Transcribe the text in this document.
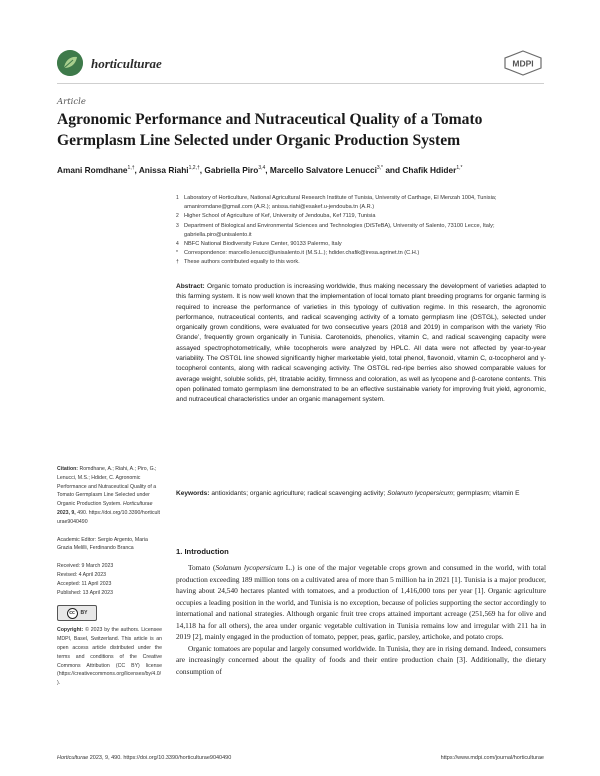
horticulturae	MDPI
Article
Agronomic Performance and Nutraceutical Quality of a Tomato Germplasm Line Selected under Organic Production System
Amani Romdhane$^{1,\dagger}$, Anissa Riahi$^{1,2,\dagger}$, Gabriella Piro$^{3,4}$, Marcello Salvatore Lenucci$^{3,*}$ and Chafik Hdider$^{1,*}$
1 Laboratory of Horticulture, National Agricultural Research Institute of Tunisia, University of Carthage, El Menzah 1004, Tunisia; amaniromdane@gmail.com (A.R.); anissa.riahi@esakef.u-jendouba.tn (A.R.)
2 Higher School of Agriculture of Kef, University of Jendouba, Kef 7119, Tunisia
3 Department of Biological and Environmental Sciences and Technologies (DiSTeBA), University of Salento, 73100 Lecce, Italy; gabriella.piro@unisalento.it
4 NBFC National Biodiversity Future Center, 90133 Palermo, Italy
*	Correspondence: marcello.lenucci@unisalento.it (M.S.L.); hdider.chafik@iresa.agrinet.tn (C.H.)
† These authors contributed equally to this work.
Abstract: Organic tomato production is increasing worldwide, thus making necessary the development of varieties adapted to this farming system. It is now well known that the implementation of local tomato plant breeding programs for organic farming is required to increase the performance of varieties in this typology of cultivation regime. In this research, the agronomic performance, nutraceutical contents, and radical scavenging activity of a tomato germplasm line (OSTGL), selected under organically grown conditions, were evaluated for two consecutive years (2018 and 2019) in comparison with the variety ‘Rio Grande’, frequently grown organically in Tunisia. Carotenoids, phenolics, vitamin C, and radical scavenging capacity were assayed spectrophotometrically, while tocopherols were analyzed by HPLC. All data were not affected by year-to-year variability. The OSTGL line showed significantly higher marketable yield, total phenol, flavonoid, vitamin C, α-tocopherol and γ-tocopherol contents, along with radical scavenging activity. The OSTGL red-ripe berries also showed comparable values for average weight, soluble solids, pH, titratable acidity, firmness and coloration, as well as lycopene and β-carotene contents. This open pollinated tomato germplasm line demonstrated to be an effective sustainable variety for improving fruit yield, agronomic, and nutraceutical characteristics under an organic management system.
Keywords: antioxidants; organic agriculture; radical scavenging activity; Solanum lycopersicum; germplasm; vitamin E

Citation: Romdhane, A.; Riahi, A.; Piro, G.; Lenucci, M.S.; Hdider, C. Agronomic Performance and Nutraceutical Quality of a Tomato Germplasm Line Selected under Organic Production System. Horticulturae 2023, 9, 490. https://doi.org/10.3390/horticulturae9040490

Academic Editor: Sergio Argento, Maria Grazia Melilli, Ferdinando Branca

Received: 9 March 2023
Revised: 4 April 2023
Accepted: 11 April 2023
Published: 13 April 2023

cc	BY

Copyright: © 2023 by the authors. Licensee MDPI, Basel, Switzerland. This article is an open access article distributed under the terms and conditions of the Creative Commons Attribution (CC BY) license (https://creativecommons.org/licenses/by/4.0/).

1. Introduction

Tomato (Solanum lycopersicum L.) is one of the major vegetable crops grown and consumed in the world, with total production exceeding 189 million tons on a cultivated area of more than 5 million ha in 2021 [1]. Tunisia is a major producer, having about 24,540 hectares planted with tomatoes, and a production of 1,416,000 tons per year [1]. Organic agriculture occupies a leading position in the world, and Tunisia is no exception, because of policies supporting the sector accordingly to international and national strategies. Although organic fruit tree crops attained important acreage (251,569 ha for olive and 14,118 ha for all others), the area under organic vegetable cultivation in Tunisia remains low and irregular with 211 ha in 2019 [2], mainly engaged in the production of tomato, pepper, peas, garlic, parsley, artichoke, and potato crops.

Organic tomatoes are popular and largely consumed worldwide. In Tunisia, they are in rising demand. Indeed, consumers are increasingly concerned about the quality of foods and their entire production chain [3]. Additionally, the dietary consumption of

Horticulturae 2023, 9, 490. https://doi.org/10.3390/horticulturae9040490	https://www.mdpi.com/journal/horticulturae
